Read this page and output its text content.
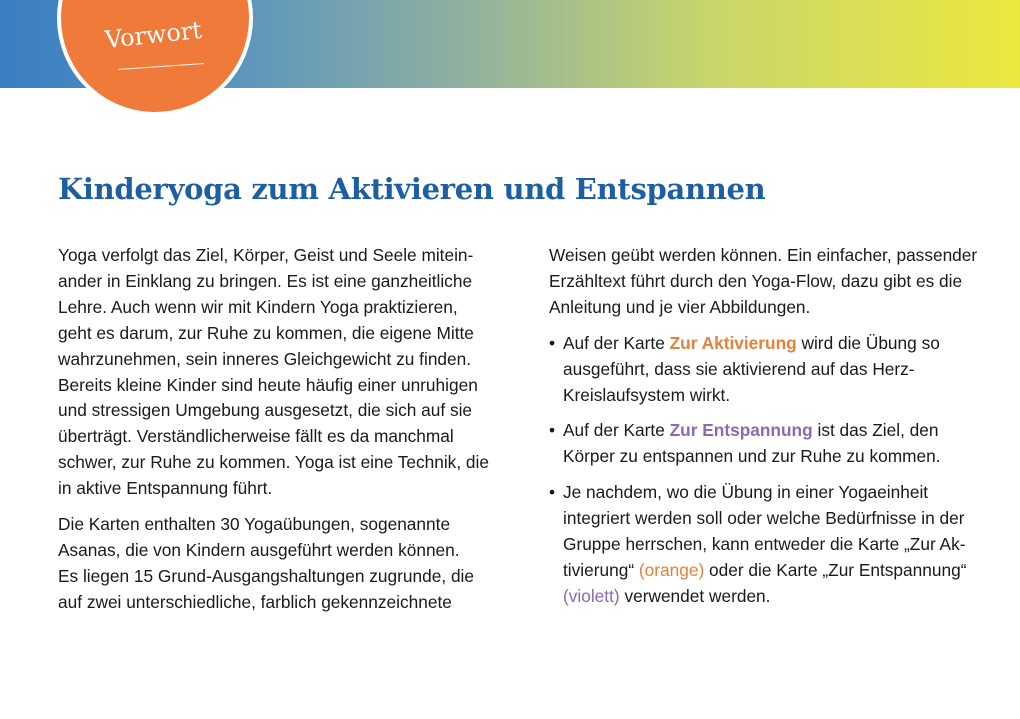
Vorwort
Kinderyoga zum Aktivieren und Entspannen
Yoga verfolgt das Ziel, Körper, Geist und Seele mitein-
ander in Einklang zu bringen. Es ist eine ganzheitliche
Lehre. Auch wenn wir mit Kindern Yoga praktizieren,
geht es darum, zur Ruhe zu kommen, die eigene Mitte
wahrzunehmen, sein inneres Gleichgewicht zu finden.
Bereits kleine Kinder sind heute häufig einer unruhigen
und stressigen Umgebung ausgesetzt, die sich auf sie
überträgt. Verständlicherweise fällt es da manchmal
schwer, zur Ruhe zu kommen. Yoga ist eine Technik, die
in aktive Entspannung führt.
Die Karten enthalten 30 Yogaübungen, sogenannte
Asanas, die von Kindern ausgeführt werden können.
Es liegen 15 Grund-Ausgangshaltungen zugrunde, die
auf zwei unterschiedliche, farblich gekennzeichnete
Weisen geübt werden können. Ein einfacher, passender
Erzähltext führt durch den Yoga-Flow, dazu gibt es die
Anleitung und je vier Abbildungen.
• Auf der Karte Zur Aktivierung wird die Übung so
ausgeführt, dass sie aktivierend auf das Herz-
Kreislaufsystem wirkt.
• Auf der Karte Zur Entspannung ist das Ziel, den
Körper zu entspannen und zur Ruhe zu kommen.
• Je nachdem, wo die Übung in einer Yogaeinheit
integriert werden soll oder welche Bedürfnisse in der
Gruppe herrschen, kann entweder die Karte „Zur Ak-
tivierung“ (orange) oder die Karte „Zur Entspannung“
(violett) verwendet werden.
